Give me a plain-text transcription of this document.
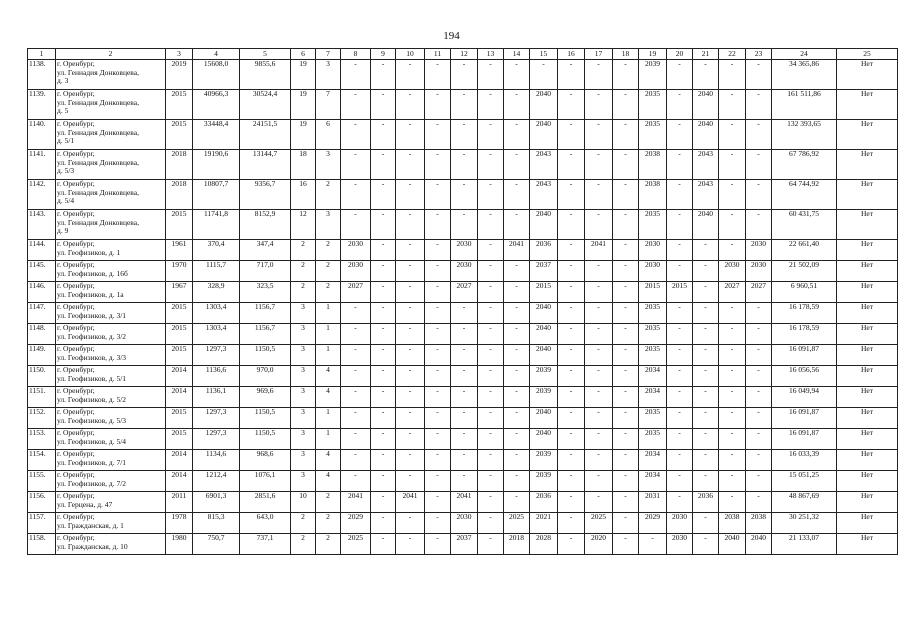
194
1	2	3	4	5	6	7	8	9	10	11	12	13	14	15	16	17	18	19	20	21	22	23	24	25
1138.	г. Оренбург,
ул. Геннадия Донковцева,
д. 3	2019	15608,0	9855,6	19	3	-	-	-	-	-	-	-	-	-	-	-	2039	-	-	-	-	34 365,86	Нет
1139.	г. Оренбург,
ул. Геннадия Донковцева,
д. 5	2015	40966,3	30524,4	19	7	-	-	-	-	-	-	-	2040	-	-	-	2035	-	2040	-	-	161 511,86	Нет
1140.	г. Оренбург,
ул. Геннадия Донковцева,
д. 5/1	2015	33448,4	24151,5	19	6	-	-	-	-	-	-	-	2040	-	-	-	2035	-	2040	-	-	132 393,65	Нет
1141.	г. Оренбург,
ул. Геннадия Донковцева,
д. 5/3	2018	19190,6	13144,7	18	3	-	-	-	-	-	-	-	2043	-	-	-	2038	-	2043	-	-	67 786,92	Нет
1142.	г. Оренбург,
ул. Геннадия Донковцева,
д. 5/4	2018	10807,7	9356,7	16	2	-	-	-	-	-	-	-	2043	-	-	-	2038	-	2043	-	-	64 744,92	Нет
1143.	г. Оренбург,
ул. Геннадия Донковцева,
д. 9	2015	11741,8	8152,9	12	3	-	-	-	-	-	-	-	2040	-	-	-	2035	-	2040	-	-	60 431,75	Нет
1144.	г. Оренбург,
ул. Геофизиков, д. 1	1961	370,4	347,4	2	2	2030	-	-	-	2030	-	2041	2036	-	2041	-	2030	-	-	-	2030	22 661,40	Нет
1145.	г. Оренбург,
ул. Геофизиков, д. 16б	1970	1115,7	717,0	2	2	2030	-	-	-	2030	-	-	2037	-	-	-	2030	-	-	2030	2030	21 502,09	Нет
1146.	г. Оренбург,
ул. Геофизиков, д. 1а	1967	328,9	323,5	2	2	2027	-	-	-	2027	-	-	2015	-	-	-	2015	2015	-	2027	2027	6 960,51	Нет
1147.	г. Оренбург,
ул. Геофизиков, д. 3/1	2015	1303,4	1156,7	3	1	-	-	-	-	-	-	-	2040	-	-	-	2035	-	-	-	-	16 178,59	Нет
1148.	г. Оренбург,
ул. Геофизиков, д. 3/2	2015	1303,4	1156,7	3	1	-	-	-	-	-	-	-	2040	-	-	-	2035	-	-	-	-	16 178,59	Нет
1149.	г. Оренбург,
ул. Геофизиков, д. 3/3	2015	1297,3	1150,5	3	1	-	-	-	-	-	-	-	2040	-	-	-	2035	-	-	-	-	16 091,87	Нет
1150.	г. Оренбург,
ул. Геофизиков, д. 5/1	2014	1136,6	970,0	3	4	-	-	-	-	-	-	-	2039	-	-	-	2034	-	-	-	-	16 056,56	Нет
1151.	г. Оренбург,
ул. Геофизиков, д. 5/2	2014	1136,1	969,6	3	4	-	-	-	-	-	-	-	2039	-	-	-	2034	-	-	-	-	16 049,94	Нет
1152.	г. Оренбург,
ул. Геофизиков, д. 5/3	2015	1297,3	1150,5	3	1	-	-	-	-	-	-	-	2040	-	-	-	2035	-	-	-	-	16 091,87	Нет
1153.	г. Оренбург,
ул. Геофизиков, д. 5/4	2015	1297,3	1150,5	3	1	-	-	-	-	-	-	-	2040	-	-	-	2035	-	-	-	-	16 091,87	Нет
1154.	г. Оренбург,
ул. Геофизиков, д. 7/1	2014	1134,6	968,6	3	4	-	-	-	-	-	-	-	2039	-	-	-	2034	-	-	-	-	16 033,39	Нет
1155.	г. Оренбург,
ул. Геофизиков, д. 7/2	2014	1212,4	1076,1	3	4	-	-	-	-	-	-	-	2039	-	-	-	2034	-	-	-	-	15 051,25	Нет
1156.	г. Оренбург,
ул. Герцена, д. 47	2011	6901,3	2851,6	10	2	2041	-	2041	-	2041	-	-	2036	-	-	-	2031	-	2036	-	-	48 867,69	Нет
1157.	г. Оренбург,
ул. Гражданская, д. 1	1978	815,3	643,0	2	2	2029	-	-	-	2030	-	2025	2021	-	2025	-	2029	2030	-	2038	2038	30 251,32	Нет
1158.	г. Оренбург,
ул. Гражданская, д. 10	1980	750,7	737,1	2	2	2025	-	-	-	2037	-	2018	2028	-	2020	-	-	2030	-	2040	2040	21 133,07	Нет
